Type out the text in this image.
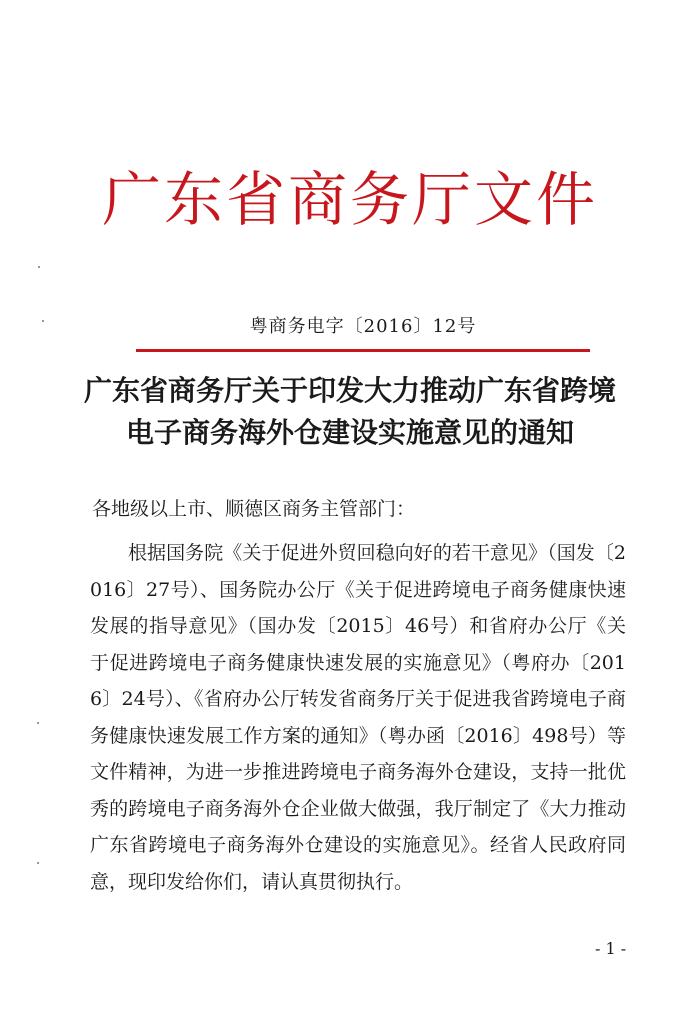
广东省商务厅文件
粤商务电字〔2016〕12号
广东省商务厅关于印发大力推动广东省跨境
电子商务海外仓建设实施意见的通知
各地级以上市、顺德区商务主管部门：

根据国务院《关于促进外贸回稳向好的若干意见》（国发〔2016〕27号）、国务院办公厅《关于促进跨境电子商务健康快速发展的指导意见》（国办发〔2015〕46号）和省府办公厅《关于促进跨境电子商务健康快速发展的实施意见》（粤府办〔2016〕24号）、《省府办公厅转发省商务厅关于促进我省跨境电子商务健康快速发展工作方案的通知》（粤办函〔2016〕498号）等文件精神，为进一步推进跨境电子商务海外仓建设，支持一批优秀的跨境电子商务海外仓企业做大做强，我厅制定了《大力推动广东省跨境电子商务海外仓建设的实施意见》。经省人民政府同意，现印发给你们，请认真贯彻执行。

- 1 -
